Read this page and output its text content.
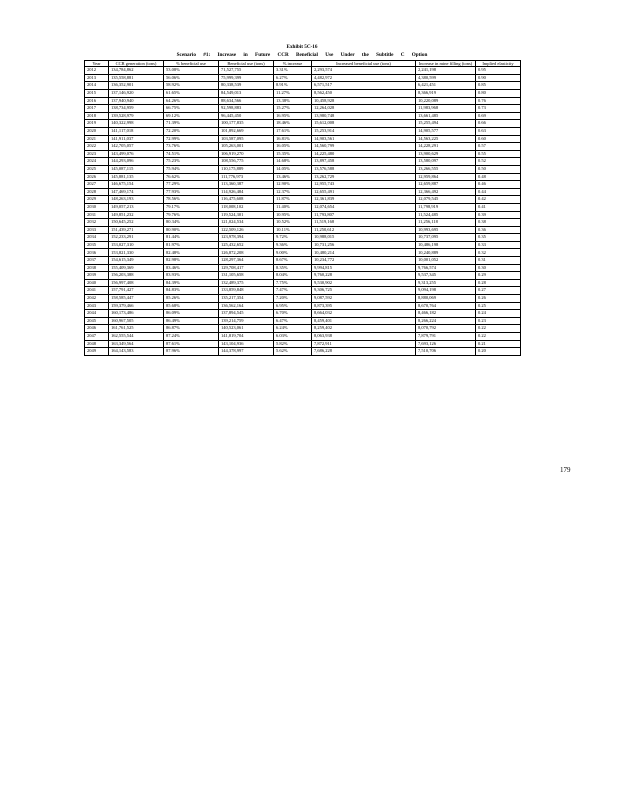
Exhibit 5C-16
Scenario #1: Increase in Future CCR Beneficial Use Under the Subtitle C Option
Year	CCR generation (tons)	% beneficial use	Beneficial use (tons)	% increase	Increased beneficial use (tons)	Increase in mine filling (tons)	Implied elasticity
2012	134,784,862	53.08%	71,527,755	3.31%	2,293,574	2,241,198	0.95
2013	135,558,881	56.06%	75,999,399	6.27%	4,482,972	4,380,599	0.90
2014	136,352,901	58.92%	80,338,539	8.91%	6,571,517	6,421,451	0.85
2015	137,146,920	61.65%	84,549,013	11.27%	8,562,450	8,366,919	0.80
2016	137,940,940	64.26%	88,634,566	13.38%	10,458,928	10,220,089	0.76
2017	138,734,959	66.75%	92,598,883	15.27%	12,264,028	11,983,968	0.73
2018	139,528,979	69.12%	96,445,450	16.95%	13,980,748	13,661,485	0.69
2019	140,322,998	71.39%	100,177,835	18.46%	15,612,008	15,255,494	0.66
2020	141,117,018	72.20%	101,892,669	17.61%	15,253,914	14,905,577	0.63
2021	141,911,037	72.99%	103,587,095	16.81%	14,903,561	14,563,225	0.60
2022	142,705,057	73.76%	105,263,001	16.05%	14,560,799	14,228,291	0.57
2023	143,499,076	74.51%	106,919,270	15.35%	14,225,480	13,900,629	0.55
2024	144,293,096	75.23%	108,556,775	14.68%	13,897,458	13,580,097	0.52
2025	145,087,115	75.94%	110,175,889	14.05%	13,576,588	13,266,555	0.50
2026	145,881,135	76.62%	111,776,973	13.46%	13,262,729	12,959,864	0.48
2027	146,675,154	77.29%	113,360,387	12.90%	12,955,743	12,659,887	0.46
2028	147,469,174	77.93%	114,926,484	12.37%	12,655,491	12,366,492	0.44
2029	148,263,193	78.56%	116,475,608	11.87%	12,361,839	12,079,545	0.42
2030	149,057,213	79.17%	118,008,102	11.40%	12,074,654	11,798,919	0.41
2031	149,851,232	79.76%	119,524,301	10.95%	11,793,807	11,524,485	0.39
2032	150,645,252	80.34%	121,024,534	10.52%	11,519,168	11,256,118	0.38
2033	151,439,271	80.90%	122,509,126	10.11%	11,250,612	10,993,695	0.36
2034	152,233,291	81.44%	123,978,394	9.72%	10,988,015	10,737,095	0.35
2035	153,027,310	81.97%	125,432,652	9.36%	10,731,256	10,486,198	0.33
2036	153,821,330	82.48%	126,872,208	9.00%	10,480,214	10,240,889	0.32
2037	154,615,349	82.98%	128,297,364	8.67%	10,234,772	10,001,052	0.31
2038	155,409,369	83.46%	129,708,417	8.35%	9,994,815	9,766,574	0.30
2039	156,203,388	83.93%	131,105,658	8.04%	9,760,228	9,537,345	0.29
2040	156,997,408	84.39%	132,489,375	7.75%	9,530,902	9,313,255	0.28
2041	157,791,427	84.83%	133,859,848	7.47%	9,306,725	9,094,198	0.27
2042	158,585,447	85.26%	135,217,354	7.20%	9,087,592	8,880,069	0.26
2043	159,379,466	85.68%	136,562,164	6.95%	8,873,395	8,670,764	0.25
2044	160,173,486	86.09%	137,894,545	6.70%	8,664,032	8,466,182	0.24
2045	160,967,505	86.49%	139,214,759	6.47%	8,459,401	8,266,224	0.23
2046	161,761,525	86.87%	140,523,061	6.24%	8,259,402	8,070,792	0.22
2047	162,555,544	87.24%	141,819,704	6.03%	8,063,938	7,879,791	0.22
2048	163,349,564	87.61%	143,104,936	5.82%	7,872,911	7,693,126	0.21
2049	164,143,583	87.96%	144,378,997	5.62%	7,686,228	7,510,706	0.20
179
